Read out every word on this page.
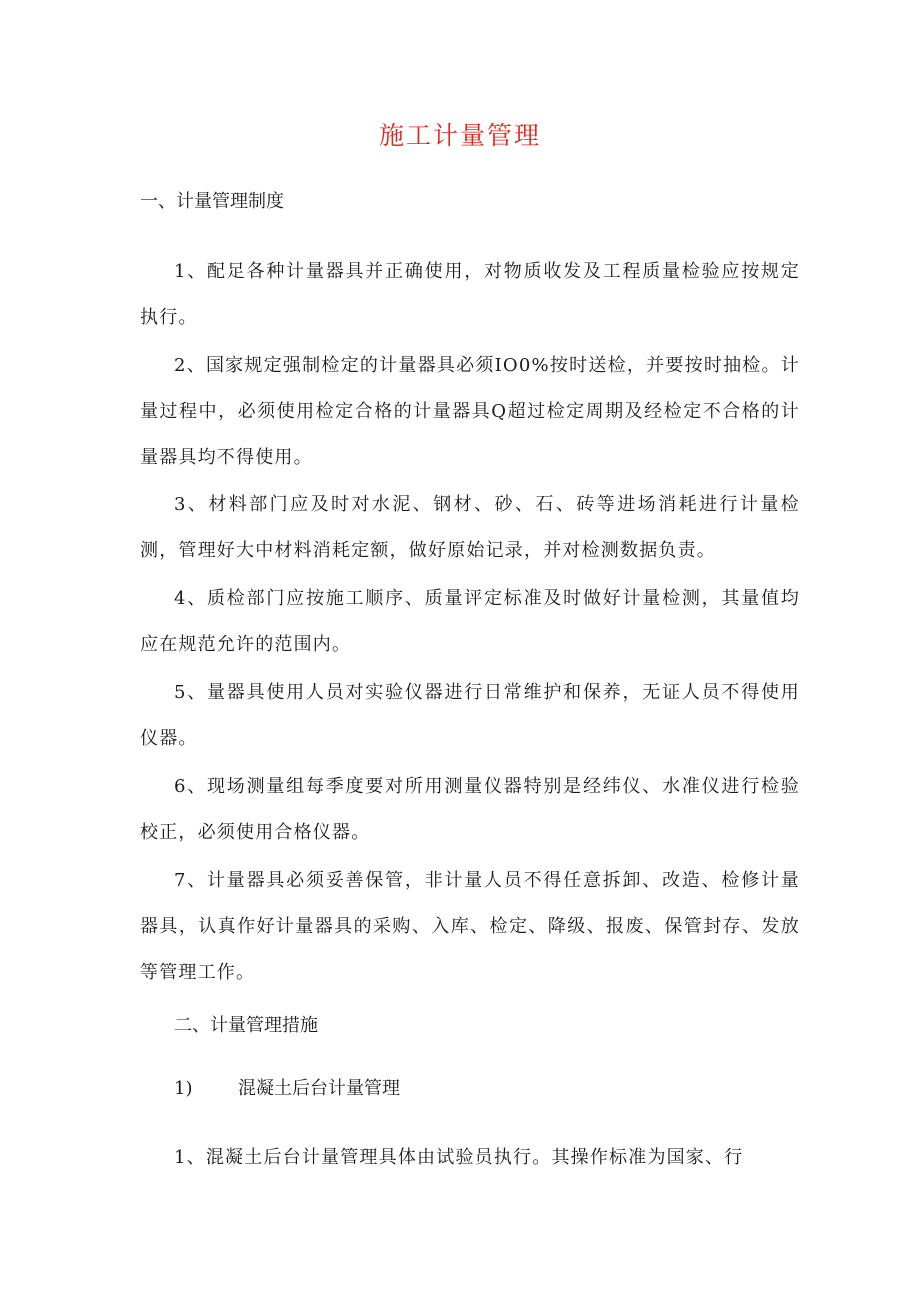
施工计量管理

一、计量管理制度

1、配足各种计量器具并正确使用，对物质收发及工程质量检验应按规定执行。

2、国家规定强制检定的计量器具必须IO0%按时送检，并要按时抽检。计量过程中，必须使用检定合格的计量器具Q超过检定周期及经检定不合格的计量器具均不得使用。

3、材料部门应及时对水泥、钢材、砂、石、砖等进场消耗进行计量检测，管理好大中材料消耗定额，做好原始记录，并对检测数据负责。

4、质检部门应按施工顺序、质量评定标准及时做好计量检测，其量值均应在规范允许的范围内。

5、量器具使用人员对实验仪器进行日常维护和保养，无证人员不得使用仪器。

6、现场测量组每季度要对所用测量仪器特别是经纬仪、水准仪进行检验校正，必须使用合格仪器。

7、计量器具必须妥善保管，非计量人员不得任意拆卸、改造、检修计量器具，认真作好计量器具的采购、入库、检定、降级、报废、保管封存、发放等管理工作。

二、计量管理措施

1)	混凝土后台计量管理

1、混凝土后台计量管理具体由试验员执行。其操作标准为国家、行
